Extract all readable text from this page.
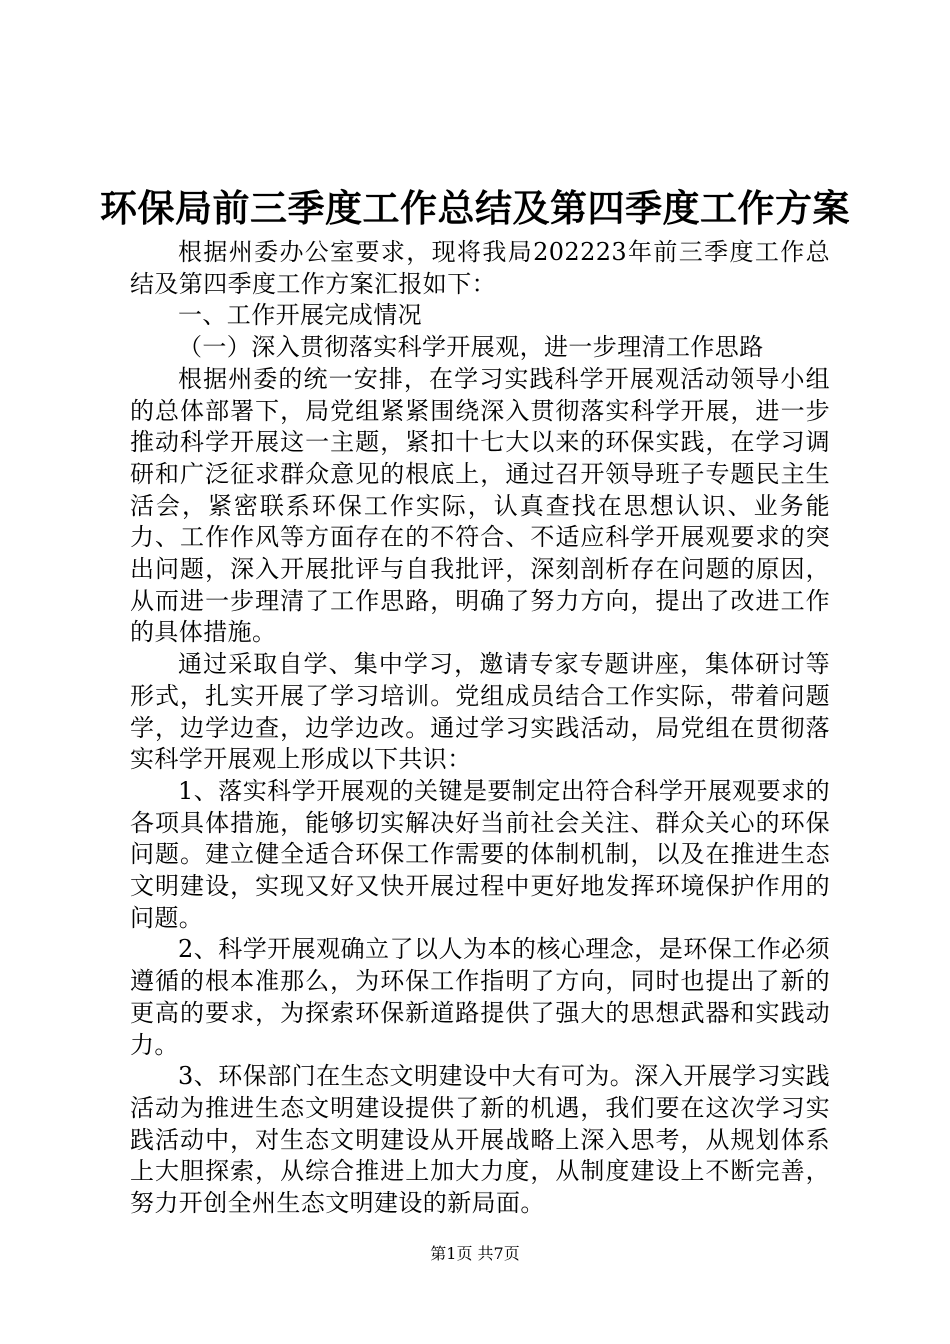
环保局前三季度工作总结及第四季度工作方案

根据州委办公室要求，现将我局202223年前三季度工作总结及第四季度工作方案汇报如下：

一、工作开展完成情况

（一）深入贯彻落实科学开展观，进一步理清工作思路

根据州委的统一安排，在学习实践科学开展观活动领导小组的总体部署下，局党组紧紧围绕深入贯彻落实科学开展，进一步推动科学开展这一主题，紧扣十七大以来的环保实践，在学习调研和广泛征求群众意见的根底上，通过召开领导班子专题民主生活会，紧密联系环保工作实际，认真查找在思想认识、业务能力、工作作风等方面存在的不符合、不适应科学开展观要求的突出问题，深入开展批评与自我批评，深刻剖析存在问题的原因，从而进一步理清了工作思路，明确了努力方向，提出了改进工作的具体措施。

通过采取自学、集中学习，邀请专家专题讲座，集体研讨等形式，扎实开展了学习培训。党组成员结合工作实际，带着问题学，边学边查，边学边改。通过学习实践活动，局党组在贯彻落实科学开展观上形成以下共识：

1、落实科学开展观的关键是要制定出符合科学开展观要求的各项具体措施，能够切实解决好当前社会关注、群众关心的环保问题。建立健全适合环保工作需要的体制机制，以及在推进生态文明建设，实现又好又快开展过程中更好地发挥环境保护作用的问题。

2、科学开展观确立了以人为本的核心理念，是环保工作必须遵循的根本准那么，为环保工作指明了方向，同时也提出了新的更高的要求，为探索环保新道路提供了强大的思想武器和实践动力。

3、环保部门在生态文明建设中大有可为。深入开展学习实践活动为推进生态文明建设提供了新的机遇，我们要在这次学习实践活动中，对生态文明建设从开展战略上深入思考，从规划体系上大胆探索，从综合推进上加大力度，从制度建设上不断完善，努力开创全州生态文明建设的新局面。

第1页 共7页
